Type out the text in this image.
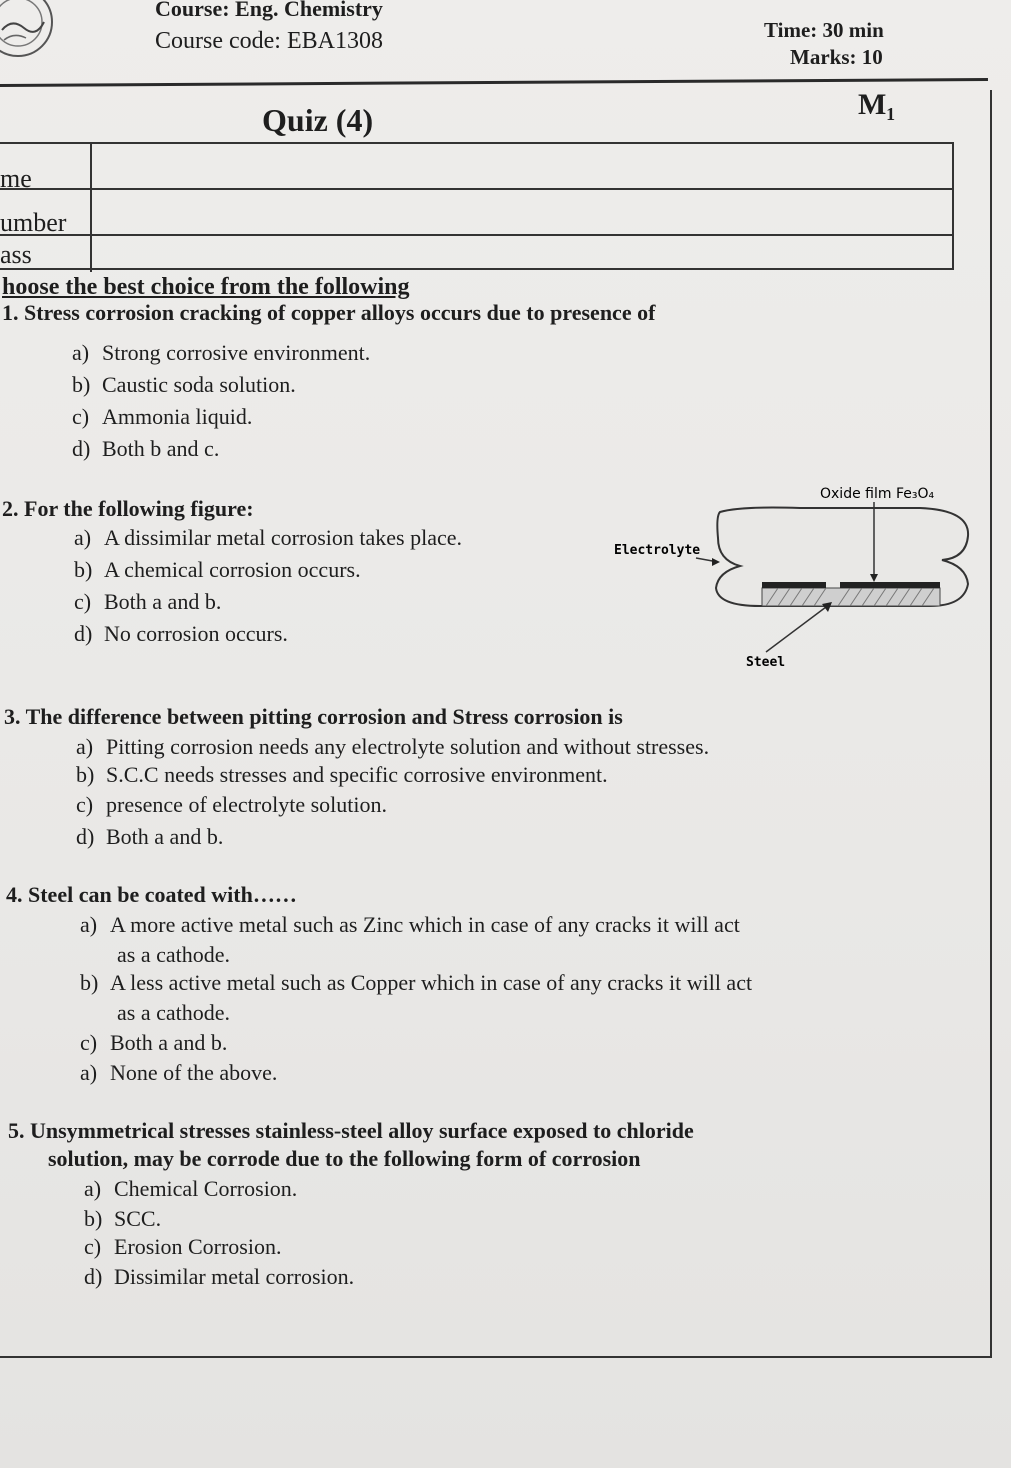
Course: Eng. Chemistry
Course code: EBA1308	Time: 30 min
Marks: 10
Quiz (4)	M₁
me
umber
ass
hoose the best choice from the following
1. Stress corrosion cracking of copper alloys occurs due to presence of
a) Strong corrosive environment.
b) Caustic soda solution.
c) Ammonia liquid.
d) Both b and c.
2. For the following figure:
a) A dissimilar metal corrosion takes place.
b) A chemical corrosion occurs.
c) Both a and b.
d) No corrosion occurs.
Oxide film Fe₃O₄
Electrolyte
Steel
3. The difference between pitting corrosion and Stress corrosion is
a) Pitting corrosion needs any electrolyte solution and without stresses.
b) S.C.C needs stresses and specific corrosive environment.
c) presence of electrolyte solution.
d) Both a and b.
4. Steel can be coated with……
a) A more active metal such as Zinc which in case of any cracks it will act
as a cathode.
b) A less active metal such as Copper which in case of any cracks it will act
as a cathode.
c) Both a and b.
a) None of the above.
5. Unsymmetrical stresses stainless-steel alloy surface exposed to chloride
solution, may be corrode due to the following form of corrosion
a) Chemical Corrosion.
b) SCC.
c) Erosion Corrosion.
d) Dissimilar metal corrosion.
